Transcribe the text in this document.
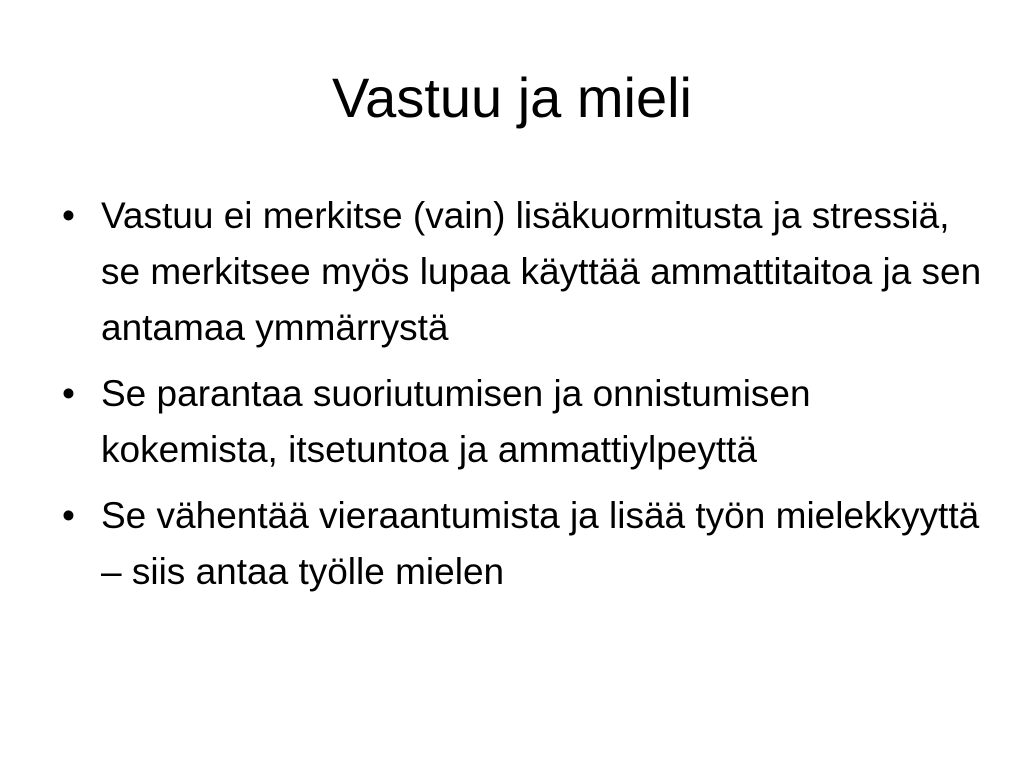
Vastuu ja mieli
• Vastuu ei merkitse (vain) lisäkuormitusta ja stressiä, se merkitsee myös lupaa käyttää ammattitaitoa ja sen antamaa ymmärrystä
• Se parantaa suoriutumisen ja onnistumisen kokemista, itsetuntoa ja ammattiylpeyttä
• Se vähentää vieraantumista ja lisää työn mielekkyyttä – siis antaa työlle mielen
